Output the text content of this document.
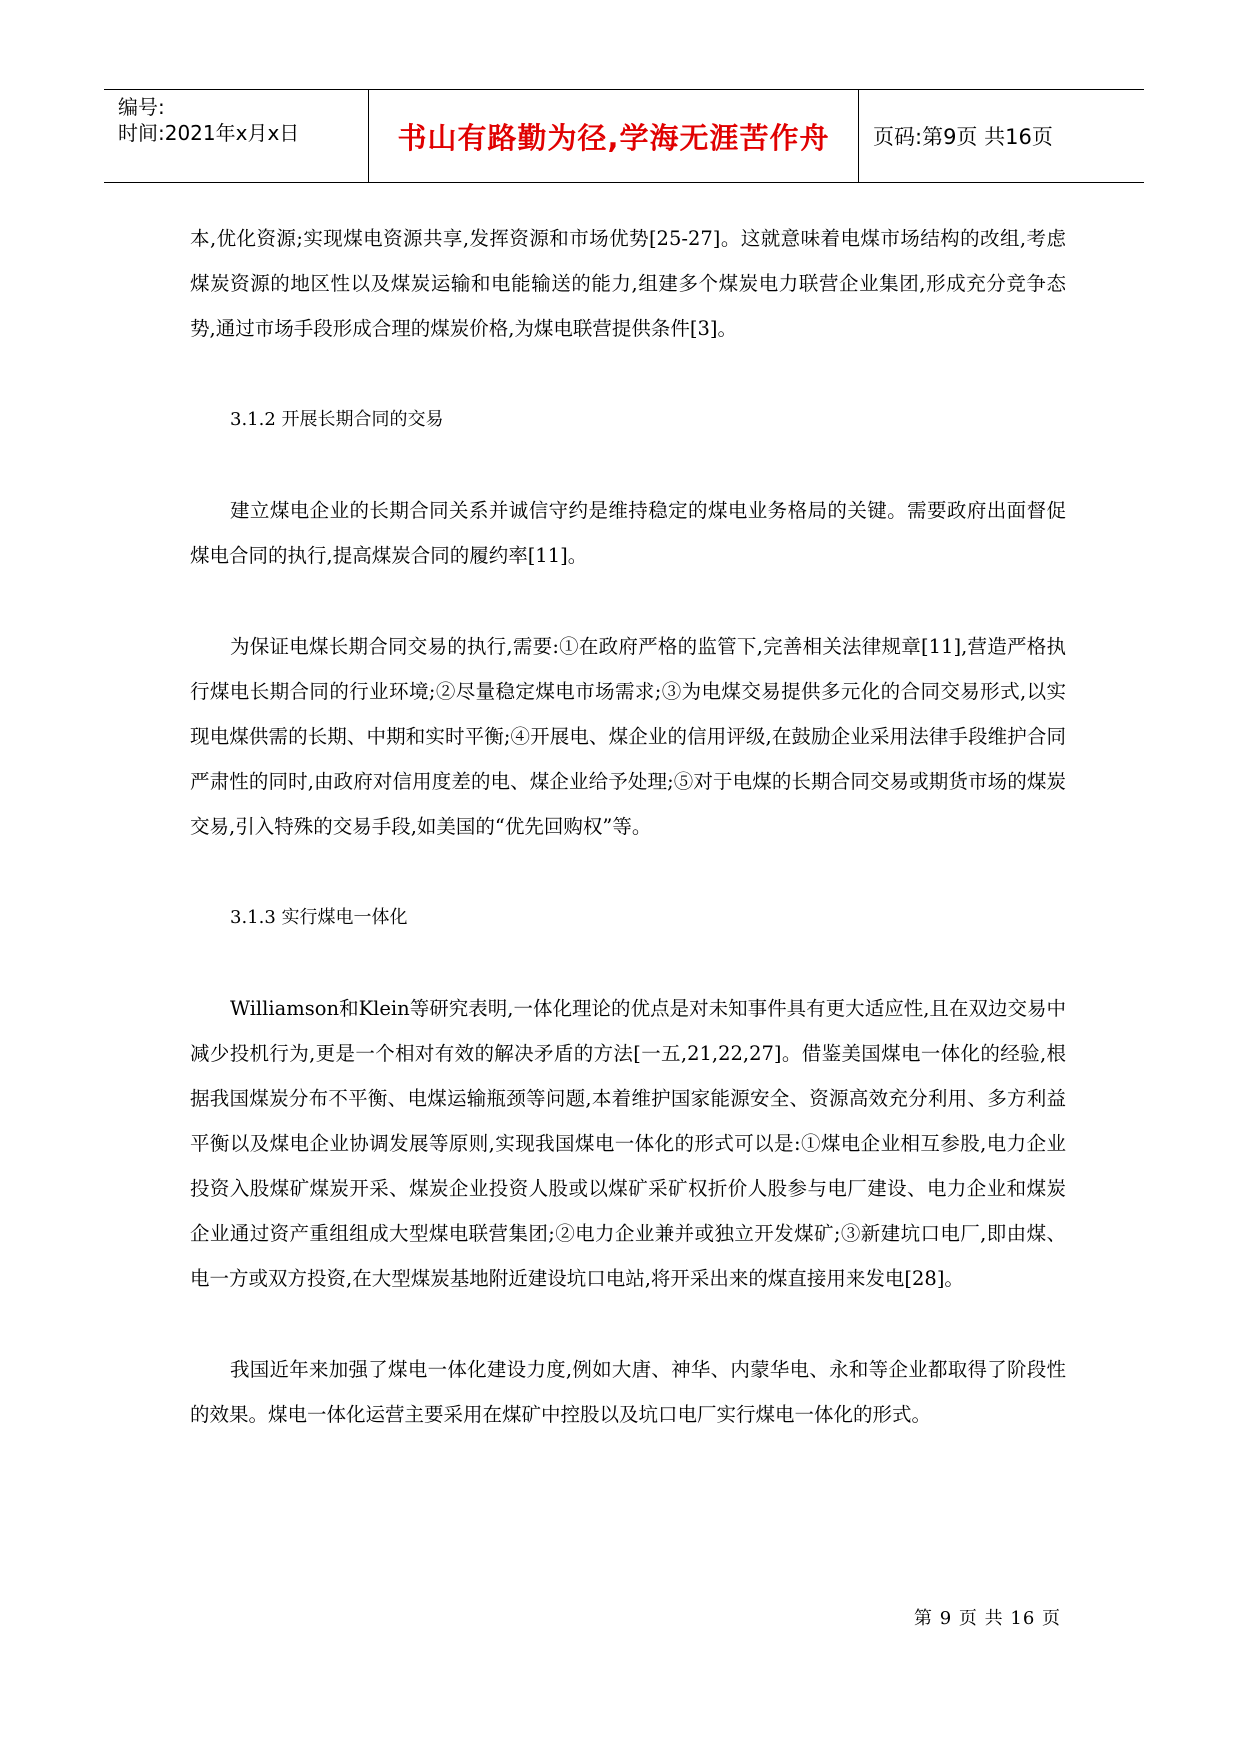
编号:
时间:2021年x月x日	书山有路勤为径,学海无涯苦作舟	页码:第9页 共16页

本,优化资源;实现煤电资源共享,发挥资源和市场优势[25-27]。这就意味着电煤市场结构的改组,考虑煤炭资源的地区性以及煤炭运输和电能输送的能力,组建多个煤炭电力联营企业集团,形成充分竞争态势,通过市场手段形成合理的煤炭价格,为煤电联营提供条件[3]。

3.1.2 开展长期合同的交易

建立煤电企业的长期合同关系并诚信守约是维持稳定的煤电业务格局的关键。需要政府出面督促煤电合同的执行,提高煤炭合同的履约率[11]。

为保证电煤长期合同交易的执行,需要:①在政府严格的监管下,完善相关法律规章[11],营造严格执行煤电长期合同的行业环境;②尽量稳定煤电市场需求;③为电煤交易提供多元化的合同交易形式,以实现电煤供需的长期、中期和实时平衡;④开展电、煤企业的信用评级,在鼓励企业采用法律手段维护合同严肃性的同时,由政府对信用度差的电、煤企业给予处理;⑤对于电煤的长期合同交易或期货市场的煤炭交易,引入特殊的交易手段,如美国的“优先回购权”等。

3.1.3 实行煤电一体化

Williamson和Klein等研究表明,一体化理论的优点是对未知事件具有更大适应性,且在双边交易中减少投机行为,更是一个相对有效的解决矛盾的方法[一五,21,22,27]。借鉴美国煤电一体化的经验,根据我国煤炭分布不平衡、电煤运输瓶颈等问题,本着维护国家能源安全、资源高效充分利用、多方利益平衡以及煤电企业协调发展等原则,实现我国煤电一体化的形式可以是:①煤电企业相互参股,电力企业投资入股煤矿煤炭开采、煤炭企业投资人股或以煤矿采矿权折价人股参与电厂建设、电力企业和煤炭企业通过资产重组组成大型煤电联营集团;②电力企业兼并或独立开发煤矿;③新建坑口电厂,即由煤、电一方或双方投资,在大型煤炭基地附近建设坑口电站,将开采出来的煤直接用来发电[28]。

我国近年来加强了煤电一体化建设力度,例如大唐、神华、内蒙华电、永和等企业都取得了阶段性的效果。煤电一体化运营主要采用在煤矿中控股以及坑口电厂实行煤电一体化的形式。

第 9 页 共 16 页
